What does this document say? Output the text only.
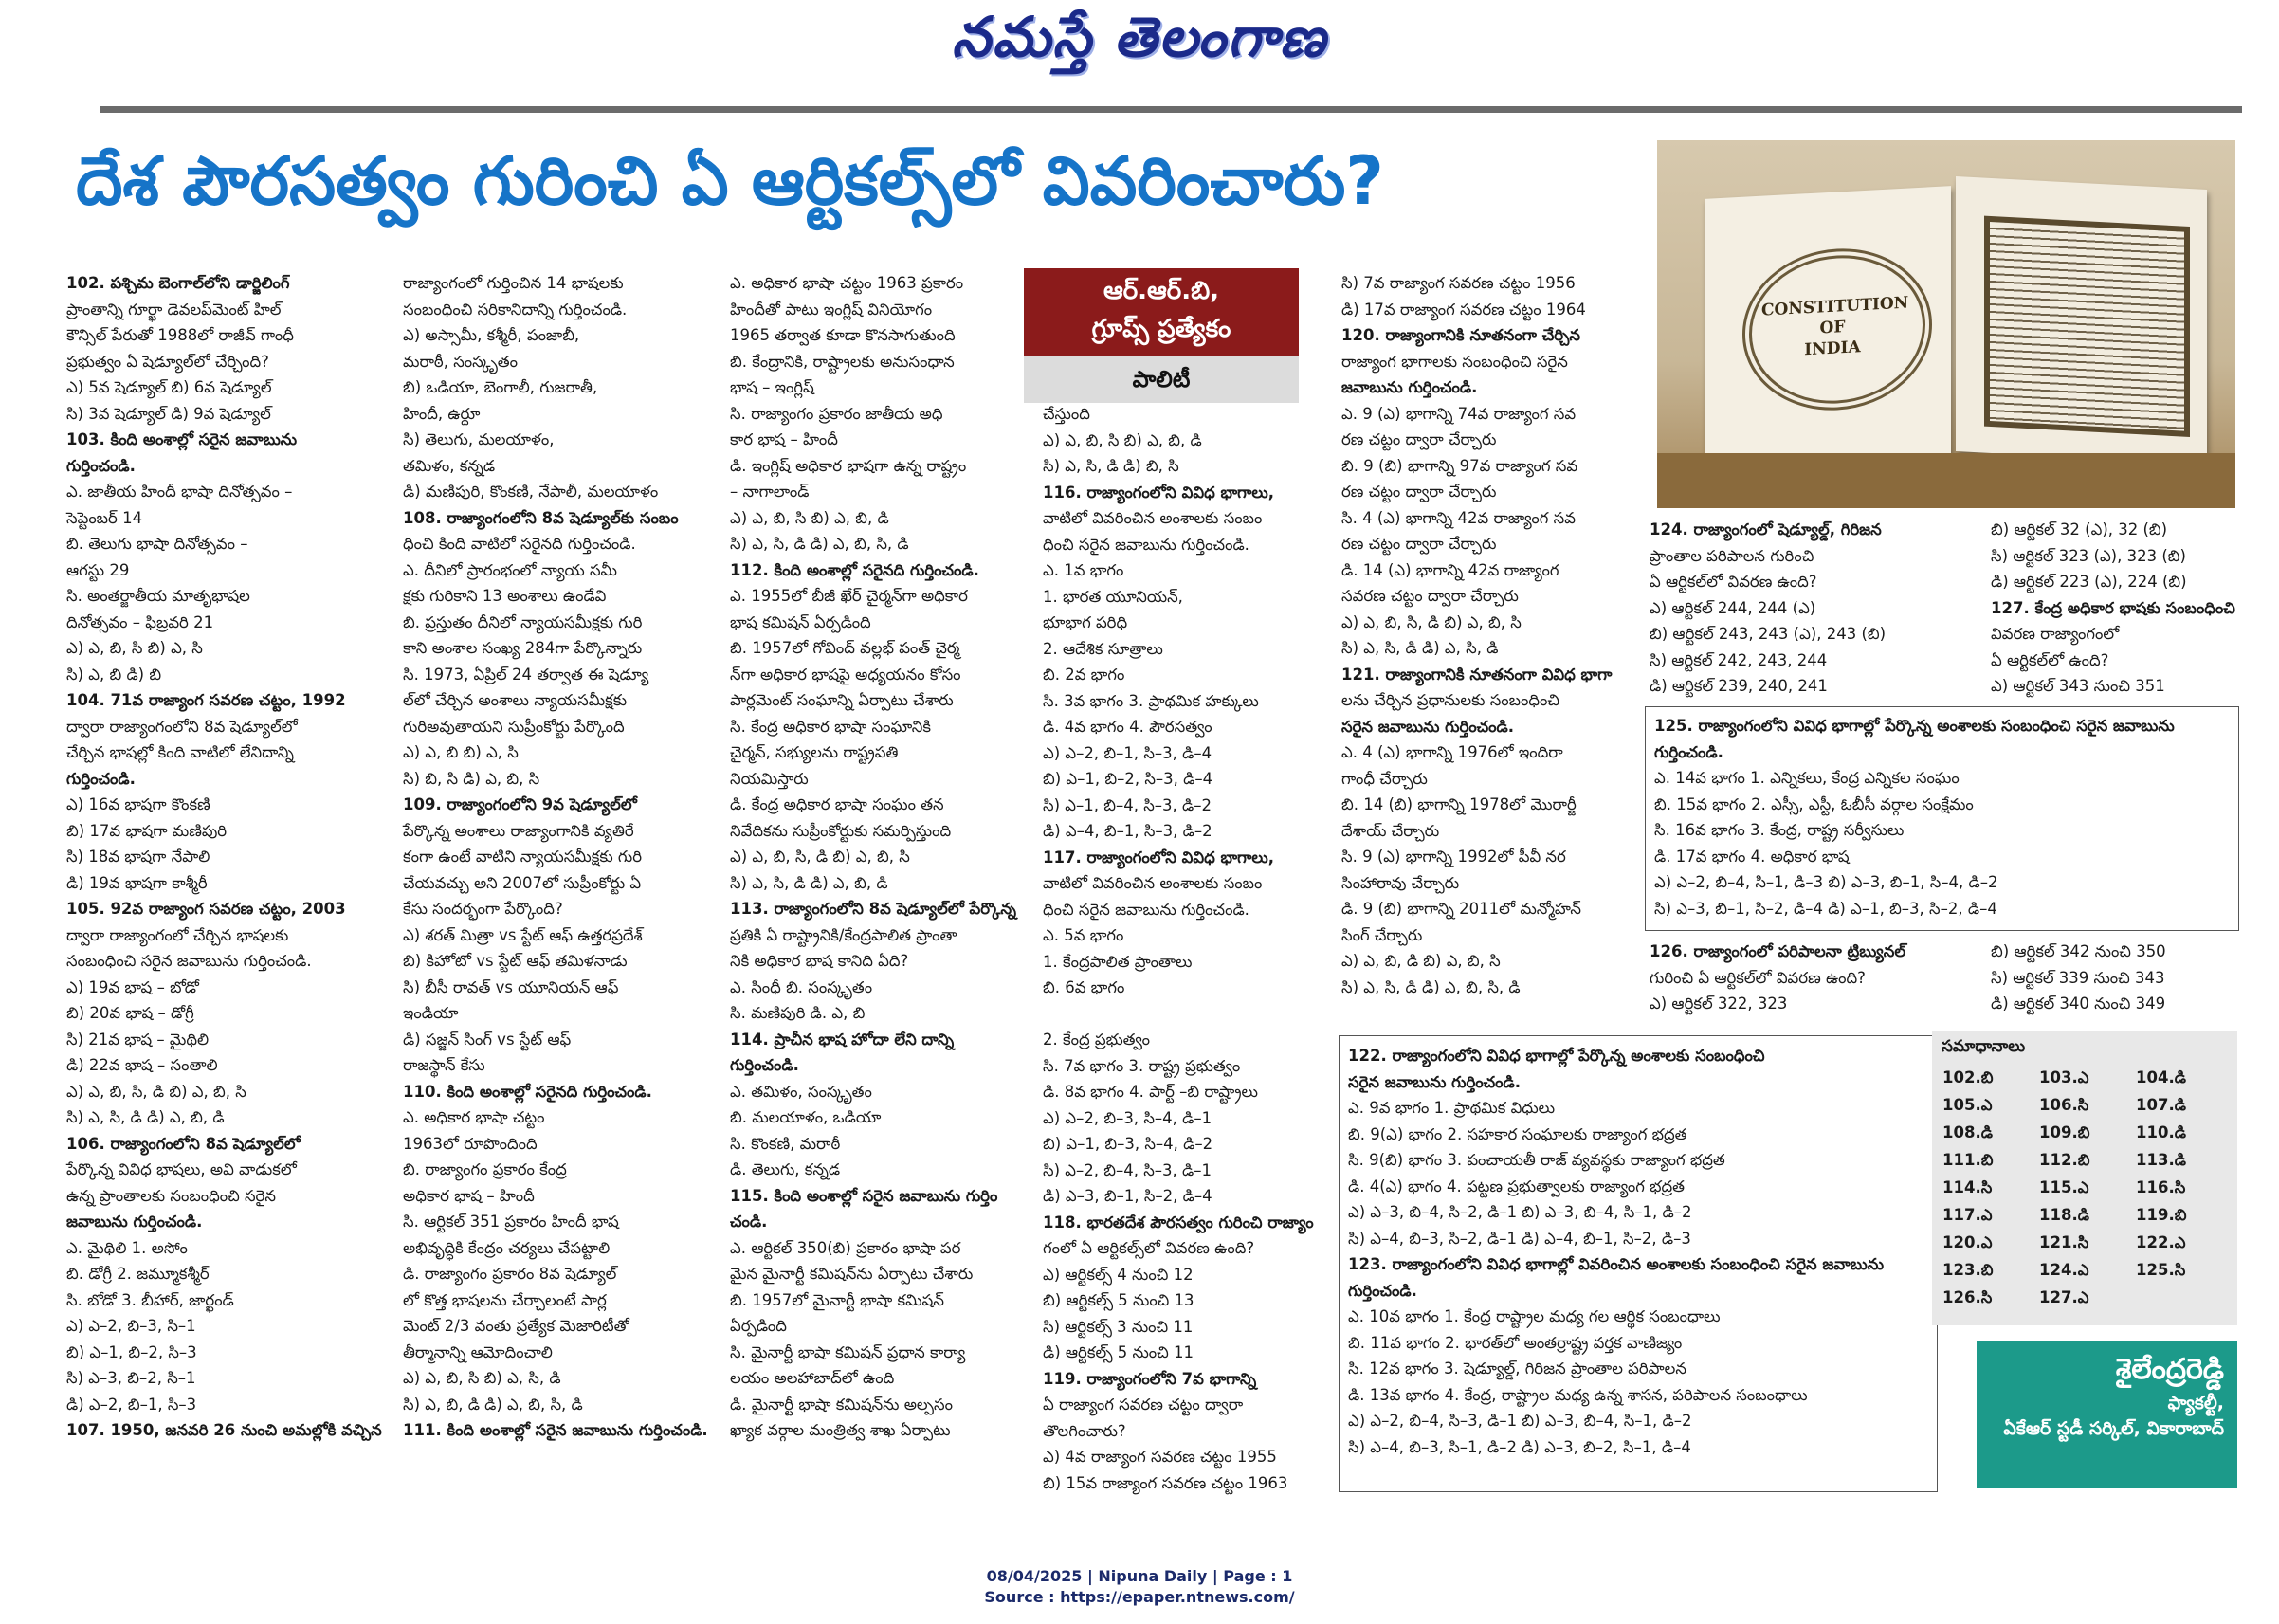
నమస్తే తెలంగాణ
దేశ పౌరసత్వం గురించి ఏ ఆర్టికల్స్‌లో వివరించారు?
CONSTITUTION
OF
INDIA
ఆర్.ఆర్.బి,
గ్రూప్స్ ప్రత్యేకం
పాలిటీ

102. పశ్చిమ బెంగాల్‌లోని డార్జిలింగ్

ప్రాంతాన్ని గూర్ఖా డెవలప్‌మెంట్ హిల్

కౌన్సిల్ పేరుతో 1988లో రాజీవ్ గాంధీ

ప్రభుత్వం ఏ షెడ్యూల్‌లో చేర్చింది?

ఎ) 5వ షెడ్యూల్ బి) 6వ షెడ్యూల్

సి) 3వ షెడ్యూల్ డి) 9వ షెడ్యూల్

103. కింది అంశాల్లో సరైన జవాబును

గుర్తించండి.

ఎ. జాతీయ హిందీ భాషా దినోత్సవం –

సెప్టెంబర్ 14

బి. తెలుగు భాషా దినోత్సవం –

ఆగస్టు 29

సి. అంతర్జాతీయ మాతృభాషల

దినోత్సవం – ఫిబ్రవరి 21

ఎ) ఎ, బి, సి బి) ఎ, సి

సి) ఎ, బి డి) బి

104. 71వ రాజ్యాంగ సవరణ చట్టం, 1992

ద్వారా రాజ్యాంగంలోని 8వ షెడ్యూల్‌లో

చేర్చిన భాషల్లో కింది వాటిలో లేనిదాన్ని

గుర్తించండి.

ఎ) 16వ భాషగా కొంకణి

బి) 17వ భాషగా మణిపురి

సి) 18వ భాషగా నేపాలి

డి) 19వ భాషగా కాశ్మీరీ

105. 92వ రాజ్యాంగ సవరణ చట్టం, 2003

ద్వారా రాజ్యాంగంలో చేర్చిన భాషలకు

సంబంధించి సరైన జవాబును గుర్తించండి.

ఎ) 19వ భాష – బోడో

బి) 20వ భాష – డోగ్రీ

సి) 21వ భాష – మైథిలి

డి) 22వ భాష – సంతాలి

ఎ) ఎ, బి, సి, డి బి) ఎ, బి, సి

సి) ఎ, సి, డి డి) ఎ, బి, డి

106. రాజ్యాంగంలోని 8వ షెడ్యూల్‌లో

పేర్కొన్న వివిధ భాషలు, అవి వాడుకలో

ఉన్న ప్రాంతాలకు సంబంధించి సరైన

జవాబును గుర్తించండి.

ఎ. మైథిలి 1. అసోం

బి. డోగ్రీ 2. జమ్మూకశ్మీర్

సి. బోడో 3. బీహార్, జార్ఖండ్

ఎ) ఎ–2, బి–3, సి–1

బి) ఎ–1, బి–2, సి–3

సి) ఎ–3, బి–2, సి–1

డి) ఎ–2, బి–1, సి–3

107. 1950, జనవరి 26 నుంచి అమల్లోకి వచ్చిన

రాజ్యాంగంలో గుర్తించిన 14 భాషలకు

సంబంధించి సరికానిదాన్ని గుర్తించండి.

ఎ) అస్సామీ, కశ్మీరీ, పంజాబీ,

మరాఠీ, సంస్కృతం

బి) ఒడియా, బెంగాలీ, గుజరాతీ,

హిందీ, ఉర్దూ

సి) తెలుగు, మలయాళం,

తమిళం, కన్నడ

డి) మణిపురి, కొంకణి, నేపాలీ, మలయాళం

108. రాజ్యాంగంలోని 8వ షెడ్యూల్‌కు సంబం

ధించి కింది వాటిలో సరైనది గుర్తించండి.

ఎ. దీనిలో ప్రారంభంలో న్యాయ సమీ

క్షకు గురికాని 13 అంశాలు ఉండేవి

బి. ప్రస్తుతం దీనిలో న్యాయసమీక్షకు గురి

కాని అంశాల సంఖ్య 284గా పేర్కొన్నారు

సి. 1973, ఏప్రిల్ 24 తర్వాత ఈ షెడ్యూ

ల్‌లో చేర్చిన అంశాలు న్యాయసమీక్షకు

గురిఅవుతాయని సుప్రీంకోర్టు పేర్కొంది

ఎ) ఎ, బి బి) ఎ, సి

సి) బి, సి డి) ఎ, బి, సి

109. రాజ్యాంగంలోని 9వ షెడ్యూల్‌లో

పేర్కొన్న అంశాలు రాజ్యాంగానికి వ్యతిరే

కంగా ఉంటే వాటిని న్యాయసమీక్షకు గురి

చేయవచ్చు అని 2007లో సుప్రీంకోర్టు ఏ

కేసు సందర్భంగా పేర్కొంది?

ఎ) శరత్ మిత్రా vs స్టేట్ ఆఫ్ ఉత్తరప్రదేశ్

బి) కిహోటో vs స్టేట్ ఆఫ్ తమిళనాడు

సి) బీసీ రావత్ vs యూనియన్ ఆఫ్

ఇండియా

డి) సజ్జన్ సింగ్ vs స్టేట్ ఆఫ్

రాజస్థాన్ కేసు

110. కింది అంశాల్లో సరైనది గుర్తించండి.

ఎ. అధికార భాషా చట్టం

1963లో రూపొందింది

బి. రాజ్యాంగం ప్రకారం కేంద్ర

అధికార భాష – హిందీ

సి. ఆర్టికల్ 351 ప్రకారం హిందీ భాష

అభివృద్ధికి కేంద్రం చర్యలు చేపట్టాలి

డి. రాజ్యాంగం ప్రకారం 8వ షెడ్యూల్

లో కొత్త భాషలను చేర్చాలంటే పార్ల

మెంట్ 2/3 వంతు ప్రత్యేక మెజారిటీతో

తీర్మానాన్ని ఆమోదించాలి

ఎ) ఎ, బి, సి బి) ఎ, సి, డి

సి) ఎ, బి, డి డి) ఎ, బి, సి, డి

111. కింది అంశాల్లో సరైన జవాబును గుర్తించండి.

ఎ. అధికార భాషా చట్టం 1963 ప్రకారం

హిందీతో పాటు ఇంగ్లిష్ వినియోగం

1965 తర్వాత కూడా కొనసాగుతుంది

బి. కేంద్రానికి, రాష్ట్రాలకు అనుసంధాన

భాష – ఇంగ్లిష్

సి. రాజ్యాంగం ప్రకారం జాతీయ అధి

కార భాష – హిందీ

డి. ఇంగ్లిష్ అధికార భాషగా ఉన్న రాష్ట్రం

– నాగాలాండ్

ఎ) ఎ, బి, సి బి) ఎ, బి, డి

సి) ఎ, సి, డి డి) ఎ, బి, సి, డి

112. కింది అంశాల్లో సరైనది గుర్తించండి.

ఎ. 1955లో బీజీ ఖేర్ చైర్మన్‌గా అధికార

భాష కమిషన్ ఏర్పడింది

బి. 1957లో గోవింద్ వల్లభ్ పంత్ చైర్మ

న్‌గా అధికార భాషపై అధ్యయనం కోసం

పార్లమెంట్ సంఘాన్ని ఏర్పాటు చేశారు

సి. కేంద్ర అధికార భాషా సంఘానికి

చైర్మన్, సభ్యులను రాష్ట్రపతి

నియమిస్తారు

డి. కేంద్ర అధికార భాషా సంఘం తన

నివేదికను సుప్రీంకోర్టుకు సమర్పిస్తుంది

ఎ) ఎ, బి, సి, డి బి) ఎ, బి, సి

సి) ఎ, సి, డి డి) ఎ, బి, డి

113. రాజ్యాంగంలోని 8వ షెడ్యూల్‌లో పేర్కొన్న

ప్రతికి ఏ రాష్ట్రానికి/కేంద్రపాలిత ప్రాంతా

నికి అధికార భాష కానిది ఏది?

ఎ. సింధీ బి. సంస్కృతం

సి. మణిపురి డి. ఎ, బి

114. ప్రాచీన భాష హోదా లేని దాన్ని

గుర్తించండి.

ఎ. తమిళం, సంస్కృతం

బి. మలయాళం, ఒడియా

సి. కొంకణి, మరాఠీ

డి. తెలుగు, కన్నడ

115. కింది అంశాల్లో సరైన జవాబును గుర్తిం

చండి.

ఎ. ఆర్టికల్ 350(బి) ప్రకారం భాషా పర

మైన మైనార్టీ కమిషన్‌ను ఏర్పాటు చేశారు

బి. 1957లో మైనార్టీ భాషా కమిషన్

ఏర్పడింది

సి. మైనార్టీ భాషా కమిషన్ ప్రధాన కార్యా

లయం అలహాబాద్‌లో ఉంది

డి. మైనార్టీ భాషా కమిషన్‌ను అల్పసం

ఖ్యాక వర్గాల మంత్రిత్వ శాఖ ఏర్పాటు

చేస్తుంది

ఎ) ఎ, బి, సి బి) ఎ, బి, డి

సి) ఎ, సి, డి డి) బి, సి

116. రాజ్యాంగంలోని వివిధ భాగాలు,

వాటిలో వివరించిన అంశాలకు సంబం

ధించి సరైన జవాబును గుర్తించండి.

ఎ. 1వ భాగం

1. భారత యూనియన్,

భూభాగ పరిధి

2. ఆదేశిక సూత్రాలు

బి. 2వ భాగం

సి. 3వ భాగం 3. ప్రాథమిక హక్కులు

డి. 4వ భాగం 4. పౌరసత్వం

ఎ) ఎ–2, బి–1, సి–3, డి–4

బి) ఎ–1, బి–2, సి–3, డి–4

సి) ఎ–1, బి–4, సి–3, డి–2

డి) ఎ–4, బి–1, సి–3, డి–2

117. రాజ్యాంగంలోని వివిధ భాగాలు,

వాటిలో వివరించిన అంశాలకు సంబం

ధించి సరైన జవాబును గుర్తించండి.

ఎ. 5వ భాగం

1. కేంద్రపాలిత ప్రాంతాలు

బి. 6వ భాగం

2. కేంద్ర ప్రభుత్వం

సి. 7వ భాగం 3. రాష్ట్ర ప్రభుత్వం

డి. 8వ భాగం 4. పార్ట్ –బి రాష్ట్రాలు

ఎ) ఎ–2, బి–3, సి–4, డి–1

బి) ఎ–1, బి–3, సి–4, డి–2

సి) ఎ–2, బి–4, సి–3, డి–1

డి) ఎ–3, బి–1, సి–2, డి–4

118. భారతదేశ పౌరసత్వం గురించి రాజ్యాం

గంలో ఏ ఆర్టికల్స్‌లో వివరణ ఉంది?

ఎ) ఆర్టికల్స్ 4 నుంచి 12

బి) ఆర్టికల్స్ 5 నుంచి 13

సి) ఆర్టికల్స్ 3 నుంచి 11

డి) ఆర్టికల్స్ 5 నుంచి 11

119. రాజ్యాంగంలోని 7వ భాగాన్ని

ఏ రాజ్యాంగ సవరణ చట్టం ద్వారా

తొలగించారు?

ఎ) 4వ రాజ్యాంగ సవరణ చట్టం 1955

బి) 15వ రాజ్యాంగ సవరణ చట్టం 1963

సి) 7వ రాజ్యాంగ సవరణ చట్టం 1956

డి) 17వ రాజ్యాంగ సవరణ చట్టం 1964

120. రాజ్యాంగానికి నూతనంగా చేర్చిన

రాజ్యాంగ భాగాలకు సంబంధించి సరైన

జవాబును గుర్తించండి.

ఎ. 9 (ఎ) భాగాన్ని 74వ రాజ్యాంగ సవ

రణ చట్టం ద్వారా చేర్చారు

బి. 9 (బి) భాగాన్ని 97వ రాజ్యాంగ సవ

రణ చట్టం ద్వారా చేర్చారు

సి. 4 (ఎ) భాగాన్ని 42వ రాజ్యాంగ సవ

రణ చట్టం ద్వారా చేర్చారు

డి. 14 (ఎ) భాగాన్ని 42వ రాజ్యాంగ

సవరణ చట్టం ద్వారా చేర్చారు

ఎ) ఎ, బి, సి, డి బి) ఎ, బి, సి

సి) ఎ, సి, డి డి) ఎ, సి, డి

121. రాజ్యాంగానికి నూతనంగా వివిధ భాగా

లను చేర్చిన ప్రధానులకు సంబంధించి

సరైన జవాబును గుర్తించండి.

ఎ. 4 (ఎ) భాగాన్ని 1976లో ఇందిరా

గాంధీ చేర్చారు

బి. 14 (బి) భాగాన్ని 1978లో మొరార్జీ

దేశాయ్ చేర్చారు

సి. 9 (ఎ) భాగాన్ని 1992లో పీవీ నర

సింహారావు చేర్చారు

డి. 9 (బి) భాగాన్ని 2011లో మన్మోహన్

సింగ్ చేర్చారు

ఎ) ఎ, బి, డి బి) ఎ, బి, సి

సి) ఎ, సి, డి డి) ఎ, బి, సి, డి

122. రాజ్యాంగంలోని వివిధ భాగాల్లో పేర్కొన్న అంశాలకు సంబంధించి

సరైన జవాబును గుర్తించండి.

ఎ. 9వ భాగం 1. ప్రాథమిక విధులు

బి. 9(ఎ) భాగం 2. సహకార సంఘాలకు రాజ్యాంగ భద్రత

సి. 9(బి) భాగం 3. పంచాయతీ రాజ్ వ్యవస్థకు రాజ్యాంగ భద్రత

డి. 4(ఎ) భాగం 4. పట్టణ ప్రభుత్వాలకు రాజ్యాంగ భద్రత

ఎ) ఎ–3, బి–4, సి–2, డి–1 బి) ఎ–3, బి–4, సి–1, డి–2

సి) ఎ–4, బి–3, సి–2, డి–1 డి) ఎ–4, బి–1, సి–2, డి–3

123. రాజ్యాంగంలోని వివిధ భాగాల్లో వివరించిన అంశాలకు సంబంధించి సరైన జవాబును

గుర్తించండి.

ఎ. 10వ భాగం 1. కేంద్ర రాష్ట్రాల మధ్య గల ఆర్థిక సంబంధాలు

బి. 11వ భాగం 2. భారత్‌లో అంతర్రాష్ట్ర వర్తక వాణిజ్యం

సి. 12వ భాగం 3. షెడ్యూల్డ్, గిరిజన ప్రాంతాల పరిపాలన

డి. 13వ భాగం 4. కేంద్ర, రాష్ట్రాల మధ్య ఉన్న శాసన, పరిపాలన సంబంధాలు

ఎ) ఎ–2, బి–4, సి–3, డి–1 బి) ఎ–3, బి–4, సి–1, డి–2

సి) ఎ–4, బి–3, సి–1, డి–2 డి) ఎ–3, బి–2, సి–1, డి–4

124. రాజ్యాంగంలో షెడ్యూల్డ్, గిరిజన

ప్రాంతాల పరిపాలన గురించి

ఏ ఆర్టికల్‌లో వివరణ ఉంది?

ఎ) ఆర్టికల్ 244, 244 (ఎ)

బి) ఆర్టికల్ 243, 243 (ఎ), 243 (బి)

సి) ఆర్టికల్ 242, 243, 244

డి) ఆర్టికల్ 239, 240, 241

బి) ఆర్టికల్ 32 (ఎ), 32 (బి)

సి) ఆర్టికల్ 323 (ఎ), 323 (బి)

డి) ఆర్టికల్ 223 (ఎ), 224 (బి)

127. కేంద్ర అధికార భాషకు సంబంధించి

వివరణ రాజ్యాంగంలో

ఏ ఆర్టికల్‌లో ఉంది?

ఎ) ఆర్టికల్ 343 నుంచి 351

125. రాజ్యాంగంలోని వివిధ భాగాల్లో పేర్కొన్న అంశాలకు సంబంధించి సరైన జవాబును

గుర్తించండి.

ఎ. 14వ భాగం 1. ఎన్నికలు, కేంద్ర ఎన్నికల సంఘం

బి. 15వ భాగం 2. ఎస్సీ, ఎస్టీ, ఓబీసీ వర్గాల సంక్షేమం

సి. 16వ భాగం 3. కేంద్ర, రాష్ట్ర సర్వీసులు

డి. 17వ భాగం 4. అధికార భాష

ఎ) ఎ–2, బి–4, సి–1, డి–3 బి) ఎ–3, బి–1, సి–4, డి–2

సి) ఎ–3, బి–1, సి–2, డి–4 డి) ఎ–1, బి–3, సి–2, డి–4

126. రాజ్యాంగంలో పరిపాలనా ట్రిబ్యునల్

గురించి ఏ ఆర్టికల్‌లో వివరణ ఉంది?

ఎ) ఆర్టికల్ 322, 323

బి) ఆర్టికల్ 342 నుంచి 350

సి) ఆర్టికల్ 339 నుంచి 343

డి) ఆర్టికల్ 340 నుంచి 349

సమాధానాలు
102.బి	103.ఎ	104.డి
105.ఎ	106.సి	107.డి
108.డి	109.బి	110.డి
111.బి	112.బి	113.డి
114.సి	115.ఎ	116.సి
117.ఎ	118.డి	119.బి
120.ఎ	121.సి	122.ఎ
123.బి	124.ఎ	125.సి
126.సి	127.ఎ	

శైలేంద్రరెడ్డి

ఫ్యాకల్టీ,

ఏకేఆర్ స్టడీ సర్కిల్, వికారాబాద్

08/04/2025 | Nipuna Daily | Page : 1
Source : https://epaper.ntnews.com/
